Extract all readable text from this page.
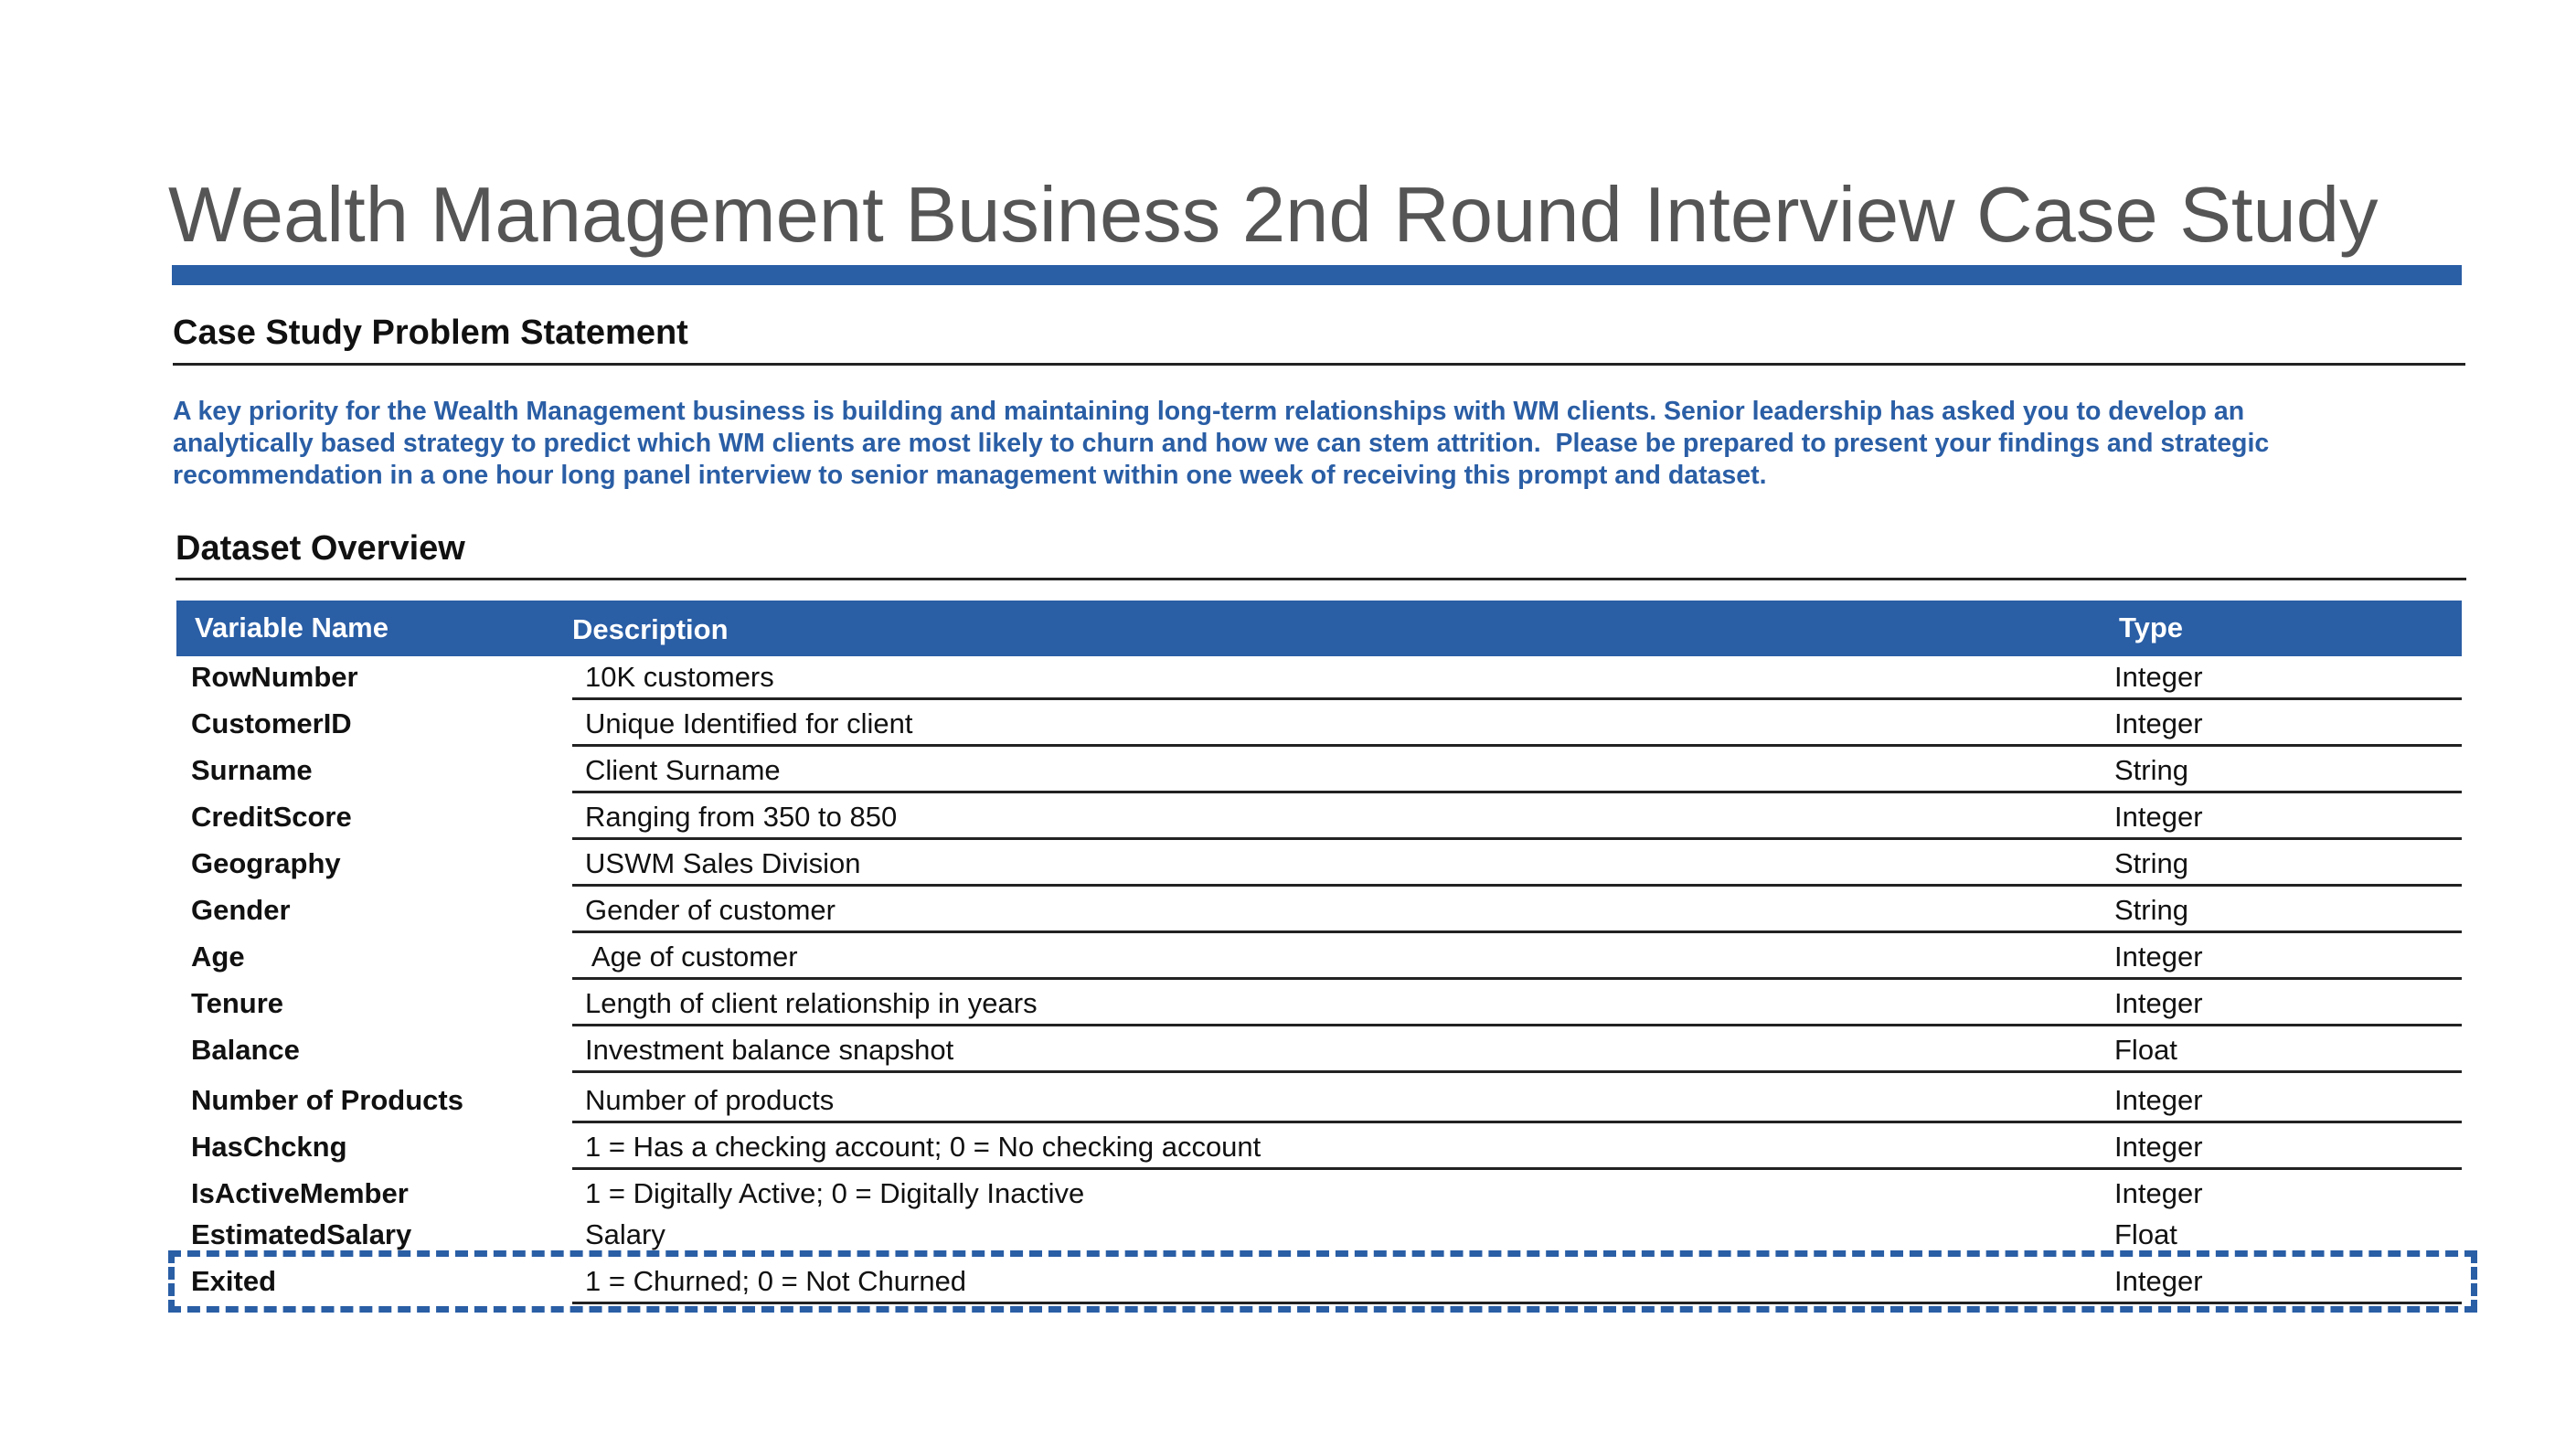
Wealth Management Business 2nd Round Interview Case Study
Case Study Problem Statement
A key priority for the Wealth Management business is building and maintaining long-term relationships with WM clients. Senior leadership has asked you to develop an
analytically based strategy to predict which WM clients are most likely to churn and how we can stem attrition.  Please be prepared to present your findings and strategic
recommendation in a one hour long panel interview to senior management within one week of receiving this prompt and dataset.
Dataset Overview
Variable Name	Description	Type
RowNumber	10K customers	Integer
CustomerID	Unique Identified for client	Integer
Surname	Client Surname	String
CreditScore	Ranging from 350 to 850	Integer
Geography	USWM Sales Division	String
Gender	Gender of customer	String
Age	Age of customer	Integer
Tenure	Length of client relationship in years	Integer
Balance	Investment balance snapshot	Float
Number of Products	Number of products	Integer
HasChckng	1 = Has a checking account; 0 = No checking account	Integer
IsActiveMember	1 = Digitally Active; 0 = Digitally Inactive	Integer
EstimatedSalary	Salary	Float
Exited	1 = Churned; 0 = Not Churned	Integer
